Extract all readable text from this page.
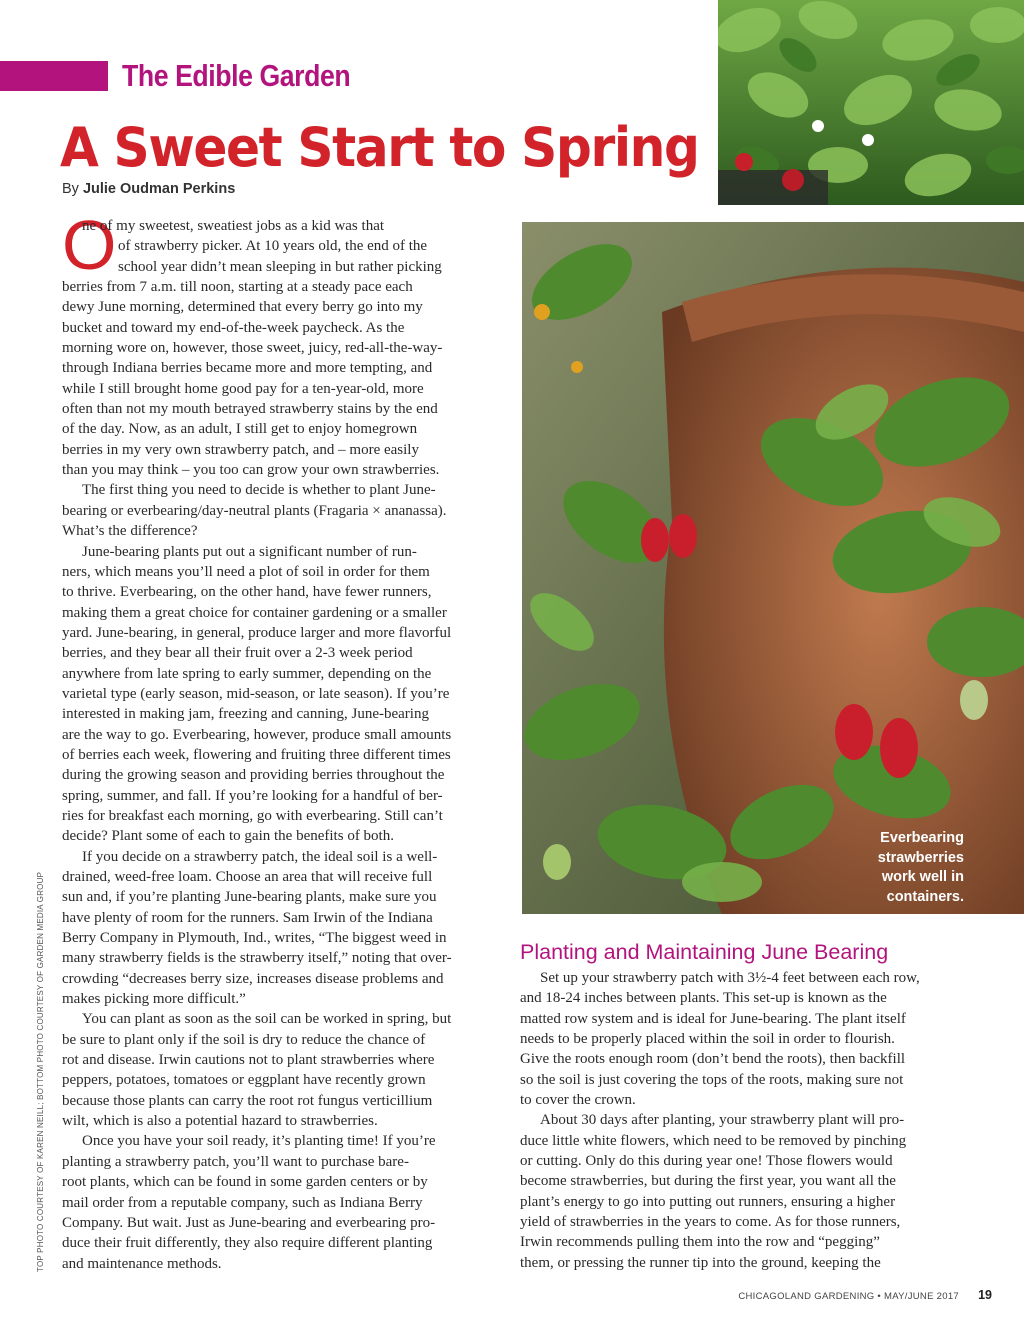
The Edible Garden
A Sweet Start to Spring
By Julie Oudman Perkins
Everbearing
strawberries
work well in
containers.
O

ne of my sweetest, sweatiest jobs as a kid was that

of strawberry picker. At 10 years old, the end of the

school year didn’t mean sleeping in but rather picking

berries from 7 a.m. till noon, starting at a steady pace each

dewy June morning, determined that every berry go into my

bucket and toward my end-of-the-week paycheck. As the

morning wore on, however, those sweet, juicy, red-all-the-way-

through Indiana berries became more and more tempting, and

while I still brought home good pay for a ten-year-old, more

often than not my mouth betrayed strawberry stains by the end

of the day. Now, as an adult, I still get to enjoy homegrown

berries in my very own strawberry patch, and – more easily

than you may think – you too can grow your own strawberries.

The first thing you need to decide is whether to plant June-

bearing or everbearing/day-neutral plants (Fragaria × ananassa).

What’s the difference?

June-bearing plants put out a significant number of run-

ners, which means you’ll need a plot of soil in order for them

to thrive. Everbearing, on the other hand, have fewer runners,

making them a great choice for container gardening or a smaller

yard. June-bearing, in general, produce larger and more flavorful

berries, and they bear all their fruit over a 2-3 week period

anywhere from late spring to early summer, depending on the

varietal type (early season, mid-season, or late season). If you’re

interested in making jam, freezing and canning, June-bearing

are the way to go. Everbearing, however, produce small amounts

of berries each week, flowering and fruiting three different times

during the growing season and providing berries throughout the

spring, summer, and fall. If you’re looking for a handful of ber-

ries for breakfast each morning, go with everbearing. Still can’t

decide? Plant some of each to gain the benefits of both.

If you decide on a strawberry patch, the ideal soil is a well-

drained, weed-free loam. Choose an area that will receive full

sun and, if you’re planting June-bearing plants, make sure you

have plenty of room for the runners. Sam Irwin of the Indiana

Berry Company in Plymouth, Ind., writes, “The biggest weed in

many strawberry fields is the strawberry itself,” noting that over-

crowding “decreases berry size, increases disease problems and

makes picking more difficult.”

You can plant as soon as the soil can be worked in spring, but

be sure to plant only if the soil is dry to reduce the chance of

rot and disease. Irwin cautions not to plant strawberries where

peppers, potatoes, tomatoes or eggplant have recently grown

because those plants can carry the root rot fungus verticillium

wilt, which is also a potential hazard to strawberries.

Once you have your soil ready, it’s planting time! If you’re

planting a strawberry patch, you’ll want to purchase bare-

root plants, which can be found in some garden centers or by

mail order from a reputable company, such as Indiana Berry

Company. But wait. Just as June-bearing and everbearing pro-

duce their fruit differently, they also require different planting

and maintenance methods.

Planting and Maintaining June Bearing

Set up your strawberry patch with 3½-4 feet between each row,

and 18-24 inches between plants. This set-up is known as the

matted row system and is ideal for June-bearing. The plant itself

needs to be properly placed within the soil in order to flourish.

Give the roots enough room (don’t bend the roots), then backfill

so the soil is just covering the tops of the roots, making sure not

to cover the crown.

About 30 days after planting, your strawberry plant will pro-

duce little white flowers, which need to be removed by pinching

or cutting. Only do this during year one! Those flowers would

become strawberries, but during the first year, you want all the

plant’s energy to go into putting out runners, ensuring a higher

yield of strawberries in the years to come. As for those runners,

Irwin recommends pulling them into the row and “pegging”

them, or pressing the runner tip into the ground, keeping the

TOP PHOTO COURTESY OF KAREN NEILL; BOTTOM PHOTO COURTESY OF GARDEN MEDIA GROUP
CHICAGOLAND GARDENING • MAY/JUNE 2017 19
